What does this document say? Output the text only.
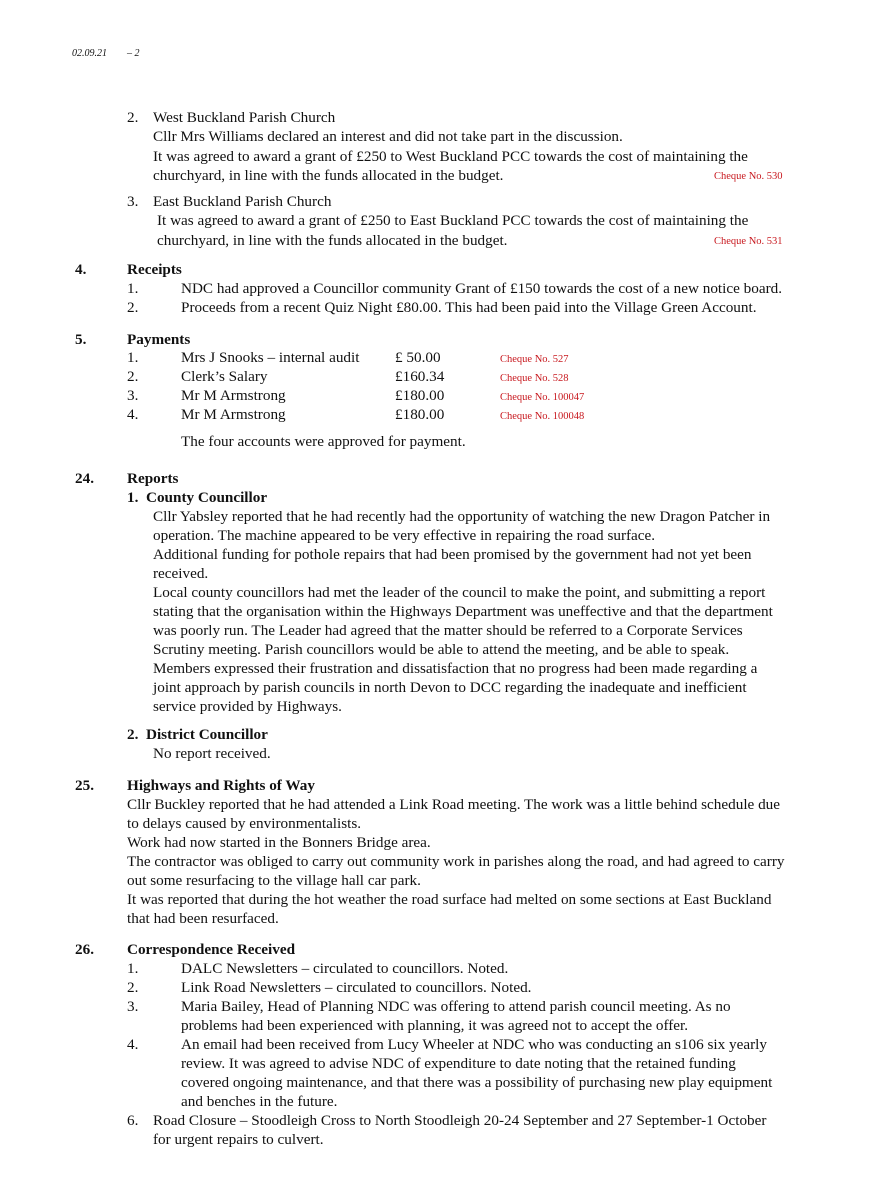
02.09.21 – 2
2. West Buckland Parish Church
Cllr Mrs Williams declared an interest and did not take part in the discussion.
It was agreed to award a grant of £250 to West Buckland PCC towards the cost of maintaining the
churchyard, in line with the funds allocated in the budget.	Cheque No. 530
3. East Buckland Parish Church
It was agreed to award a grant of £250 to East Buckland PCC towards the cost of maintaining the
churchyard, in line with the funds allocated in the budget.	Cheque No. 531
4.	Receipts
1.	NDC had approved a Councillor community Grant of £150 towards the cost of a new notice board.
2.	Proceeds from a recent Quiz Night £80.00. This had been paid into the Village Green Account.
5.	Payments
1.	Mrs J Snooks – internal audit £ 50.00	Cheque No. 527
2.	Clerk’s Salary	£160.34	Cheque No. 528
3.	Mr M Armstrong	£180.00	Cheque No. 100047
4.	Mr M Armstrong	£180.00	Cheque No. 100048
The four accounts were approved for payment.
24. Reports
1.  County Councillor
Cllr Yabsley reported that he had recently had the opportunity of watching the new Dragon Patcher in
operation. The machine appeared to be very effective in repairing the road surface.
Additional funding for pothole repairs that had been promised by the government had not yet been
received.
Local county councillors had met the leader of the council to make the point, and submitting a report
stating that the organisation within the Highways Department was uneffective and that the department
was poorly run. The Leader had agreed that the matter should be referred to a Corporate Services
Scrutiny meeting. Parish councillors would be able to attend the meeting, and be able to speak.
Members expressed their frustration and dissatisfaction that no progress had been made regarding a
joint approach by parish councils in north Devon to DCC regarding the inadequate and inefficient
service provided by Highways.
2.  District Councillor
No report received.
25. Highways and Rights of Way
Cllr Buckley reported that he had attended a Link Road meeting. The work was a little behind schedule due
to delays caused by environmentalists.
Work had now started in the Bonners Bridge area.
The contractor was obliged to carry out community work in parishes along the road, and had agreed to carry
out some resurfacing to the village hall car park.
It was reported that during the hot weather the road surface had melted on some sections at East Buckland
that had been resurfaced.
26. Correspondence Received
1.	DALC Newsletters – circulated to councillors. Noted.
2.	Link Road Newsletters – circulated to councillors. Noted.
3.	Maria Bailey, Head of Planning NDC was offering to attend parish council meeting. As no
problems had been experienced with planning, it was agreed not to accept the offer.
4.	An email had been received from Lucy Wheeler at NDC who was conducting an s106 six yearly
review. It was agreed to advise NDC of expenditure to date noting that the retained funding
covered ongoing maintenance, and that there was a possibility of purchasing new play equipment
and benches in the future.
6. Road Closure – Stoodleigh Cross to North Stoodleigh 20-24 September and 27 September-1 October
for urgent repairs to culvert.
